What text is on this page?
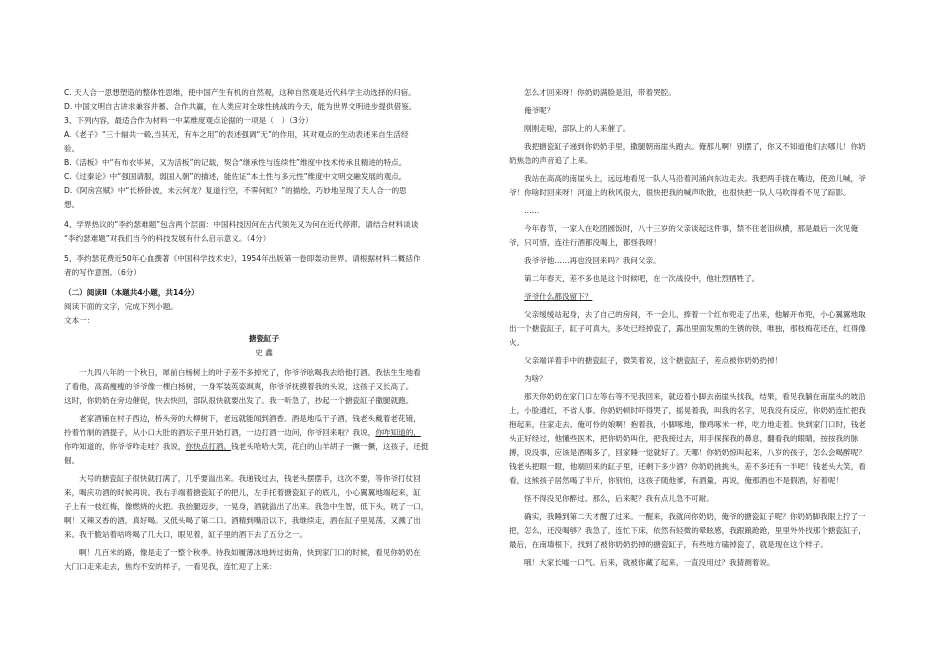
C. 天人合一思想塑造的整体性思维，使中国产生有机的自然观，这种自然观是近代科学主动选择的归宿。

D. 中国文明自古讲求兼容并蓄、合作共赢，在人类应对全球性挑战的今天，能为世界文明进步提供借鉴。

3、下列内容，最适合作为材料一中某维度观点论据的一项是（　）（3分）

A.《老子》“三十辐共一毂,当其无，有车之用”的表述强调“无”的作用，其对观点的生动表述来自生活经

验。

B.《活板》中“有布衣毕昇，又为活板”的记载，契合“继承性与连续性”维度中技术传承且精进的特点。

C.《过秦论》中“强国请服，弱国入朝”的描述，能佐证“本土性与多元性”维度中文明交融发展的观点。

D.《阿房宫赋》中“长桥卧波，未云何龙？复道行空，不霁何虹？”的描绘，巧妙地呈现了天人合一的思

想。

4、学界热议的“李约瑟难题”包含两个层面：中国科技因何在古代领先又为何在近代停滞。请结合材料谈谈

“李约瑟难题”对我们当今的科技发展有什么启示意义。（4分）

5、李约瑟花费近50年心血撰著《中国科学技术史》，1954年出版第一卷即轰动世界。请根据材料二概括作

者的写作意图。（6分）

（二）阅读Ⅱ（本题共4小题，共14分）

阅读下面的文字，完成下列小题。

文本一：

搪瓷缸子

史 鑫

一九四八年的一个秋日，犀前白杨树上的叶子差不多掉光了，你爷爷吆喝我去给他打酒。我怯生生地看

了看他，高高瘦瘦的爷爷像一棵白杨树，一身军装英姿飒爽，你爷爷抚摸着我的头说，这孩子又长高了。

这时，你奶奶在旁边催促，快去快回，部队很快就要出发了。我一听急了，抄起一个搪瓷缸子撒腿就跑。

老家酒铺在村子西边，桥头旁的大柳树下，老远就能闻到酒香。酒是地瓜干子酒，钱老头戴着老花镜，

拎着竹制的酒提子，从小口大肚的酒坛子里开始打酒，一边打酒一边问，你爷回来啦？我说，你咋知道的，

你咋知道的，你爷爷咋走哇？我说，你快点打酒。钱老头哈哈大笑，花白的山羊胡子一撅一撅，这孩子，还挺

倔。

大号的搪瓷缸子很快就打满了，几乎要溢出来。我递钱过去，钱老头摆摆手，这次不要，等你爷打仗回

来，喝庆功酒的时候再说。我右手端着搪瓷缸子的把儿，左手托着搪瓷缸子的底儿，小心翼翼地端起来，缸

子上有一枝红梅，像燃烧的火把。我抬腿迈步，一晃身，酒就溢出了出来。我急中生智，低下头，咣了一口，

啊！又辣又香的酒，真好喝。又低头喝了第二口。酒精到嘴沿以下，我继续走，酒在缸子里晃荡，又溅了出

来。我干脆站着咕咚喝了几大口，眼见着，缸子里的酒下去了五分之一。

啊！几百米的路，像是走了一整个秋季。待我如履薄冰地转过街角，快到家门口的时候，看见你奶奶在

大门口走来走去，焦灼不安的样子，一看见我，连忙迎了上来：

怎么才回来呀！你奶奶满脸是泪，带着哭腔。

俺爷呢？

刚刚走啦，部队上的人来催了。

我把搪瓷缸子递到你奶奶手里，撒腿朝南崖头跑去。俺那儿啊！别摆了，你又不知道他们去哪儿！你奶

奶焦急的声音追了上来。

我站在高高的南崖头上，远远地看见一队人马沿着河涌向东边走去。我把两手拢在嘴边，使劲儿喊，爷

爷！你啥时回来呀！河道上的秋风很大，很快把我的喊声吹散，也很快把一队人马吹得看不见了踪影。

……

今年春节，一家人在吃团圆饭时，八十三岁的父亲谈起这件事，禁不住老泪纵横，那是最后一次见俺

爷，只可惜，连往行酒都没喝上，都怪我呀！

我爷爷他……再也没回来吗？我问父亲。

第二年春天，差不多也是这个时候吧，在一次战役中，他壮烈牺牲了。

爷爷什么都没留下？

父亲缓缓站起身，去了自己的房间，不一会儿，捧着一个红布兜走了出来，他解开布兜，小心翼翼地取

出一个搪瓷缸子，缸子可真大，多处已经掉瓷了，露出里面发黑的生锈的铁，唯独，那枝梅花还在，红得像

火。

父亲端详着手中的搪瓷缸子，微笑着说，这个搪瓷缸子，差点被你奶奶扔掉！

为啥？

那天你奶奶在家门口左等右等不见我回来，就迈着小脚去南崖头找我，结果，看见我躺在南崖头的坡沿

上，小脸通红，不省人事。你奶奶顿时吓得哭了，摇晃着我，叫我的名字，见我没有反应，你奶奶连忙把我

抱起来，往家走去。俺可怜的娘啊！抱着我，小脚啄地，像鸡啄米一样，吃力地走着。快到家门口时，钱老

头正好经过，他懂些医术，把你奶奶叫住，把我接过去，用手探探我的鼻息，翻看我的眼睛，按按我的脉

搏，说没事，应该是酒喝多了，回家睡一觉就好了。天哪！你奶奶惊叫起来，八岁的孩子，怎么会喝醉呢？

钱老头把眼一瞪，他端回来的缸子里，还剩下多少酒？你奶奶挑挑头，差不多还有一半吧！钱老头大笑，看

看，这熊孩子居然喝了半斤，你别怕，这孩子随他爹，有酒量，再说，俺那酒也不是假酒，好着呢！

怪不得没见你醉过。那么，后来呢？我有点儿急不可耐。

确实，我睡到第二天才醒了过来。一醒来，我就问你奶奶，俺爷的搪瓷缸子呢？你奶奶脚我眼上拧了一

把，怎么，还没喝够？我急了，连忙下床，依然有轻微的晕眩感，我跟踉跄跄，里里外外找那个搪瓷缸子，

最后，在南墙根下，找到了被你奶奶扔掉的搪瓷缸子，有些地方磕掉瓷了，就是现在这个样子。

哦！大家长嘘一口气。后来，就被你藏了起来，一直没用过？我猜测着说。
